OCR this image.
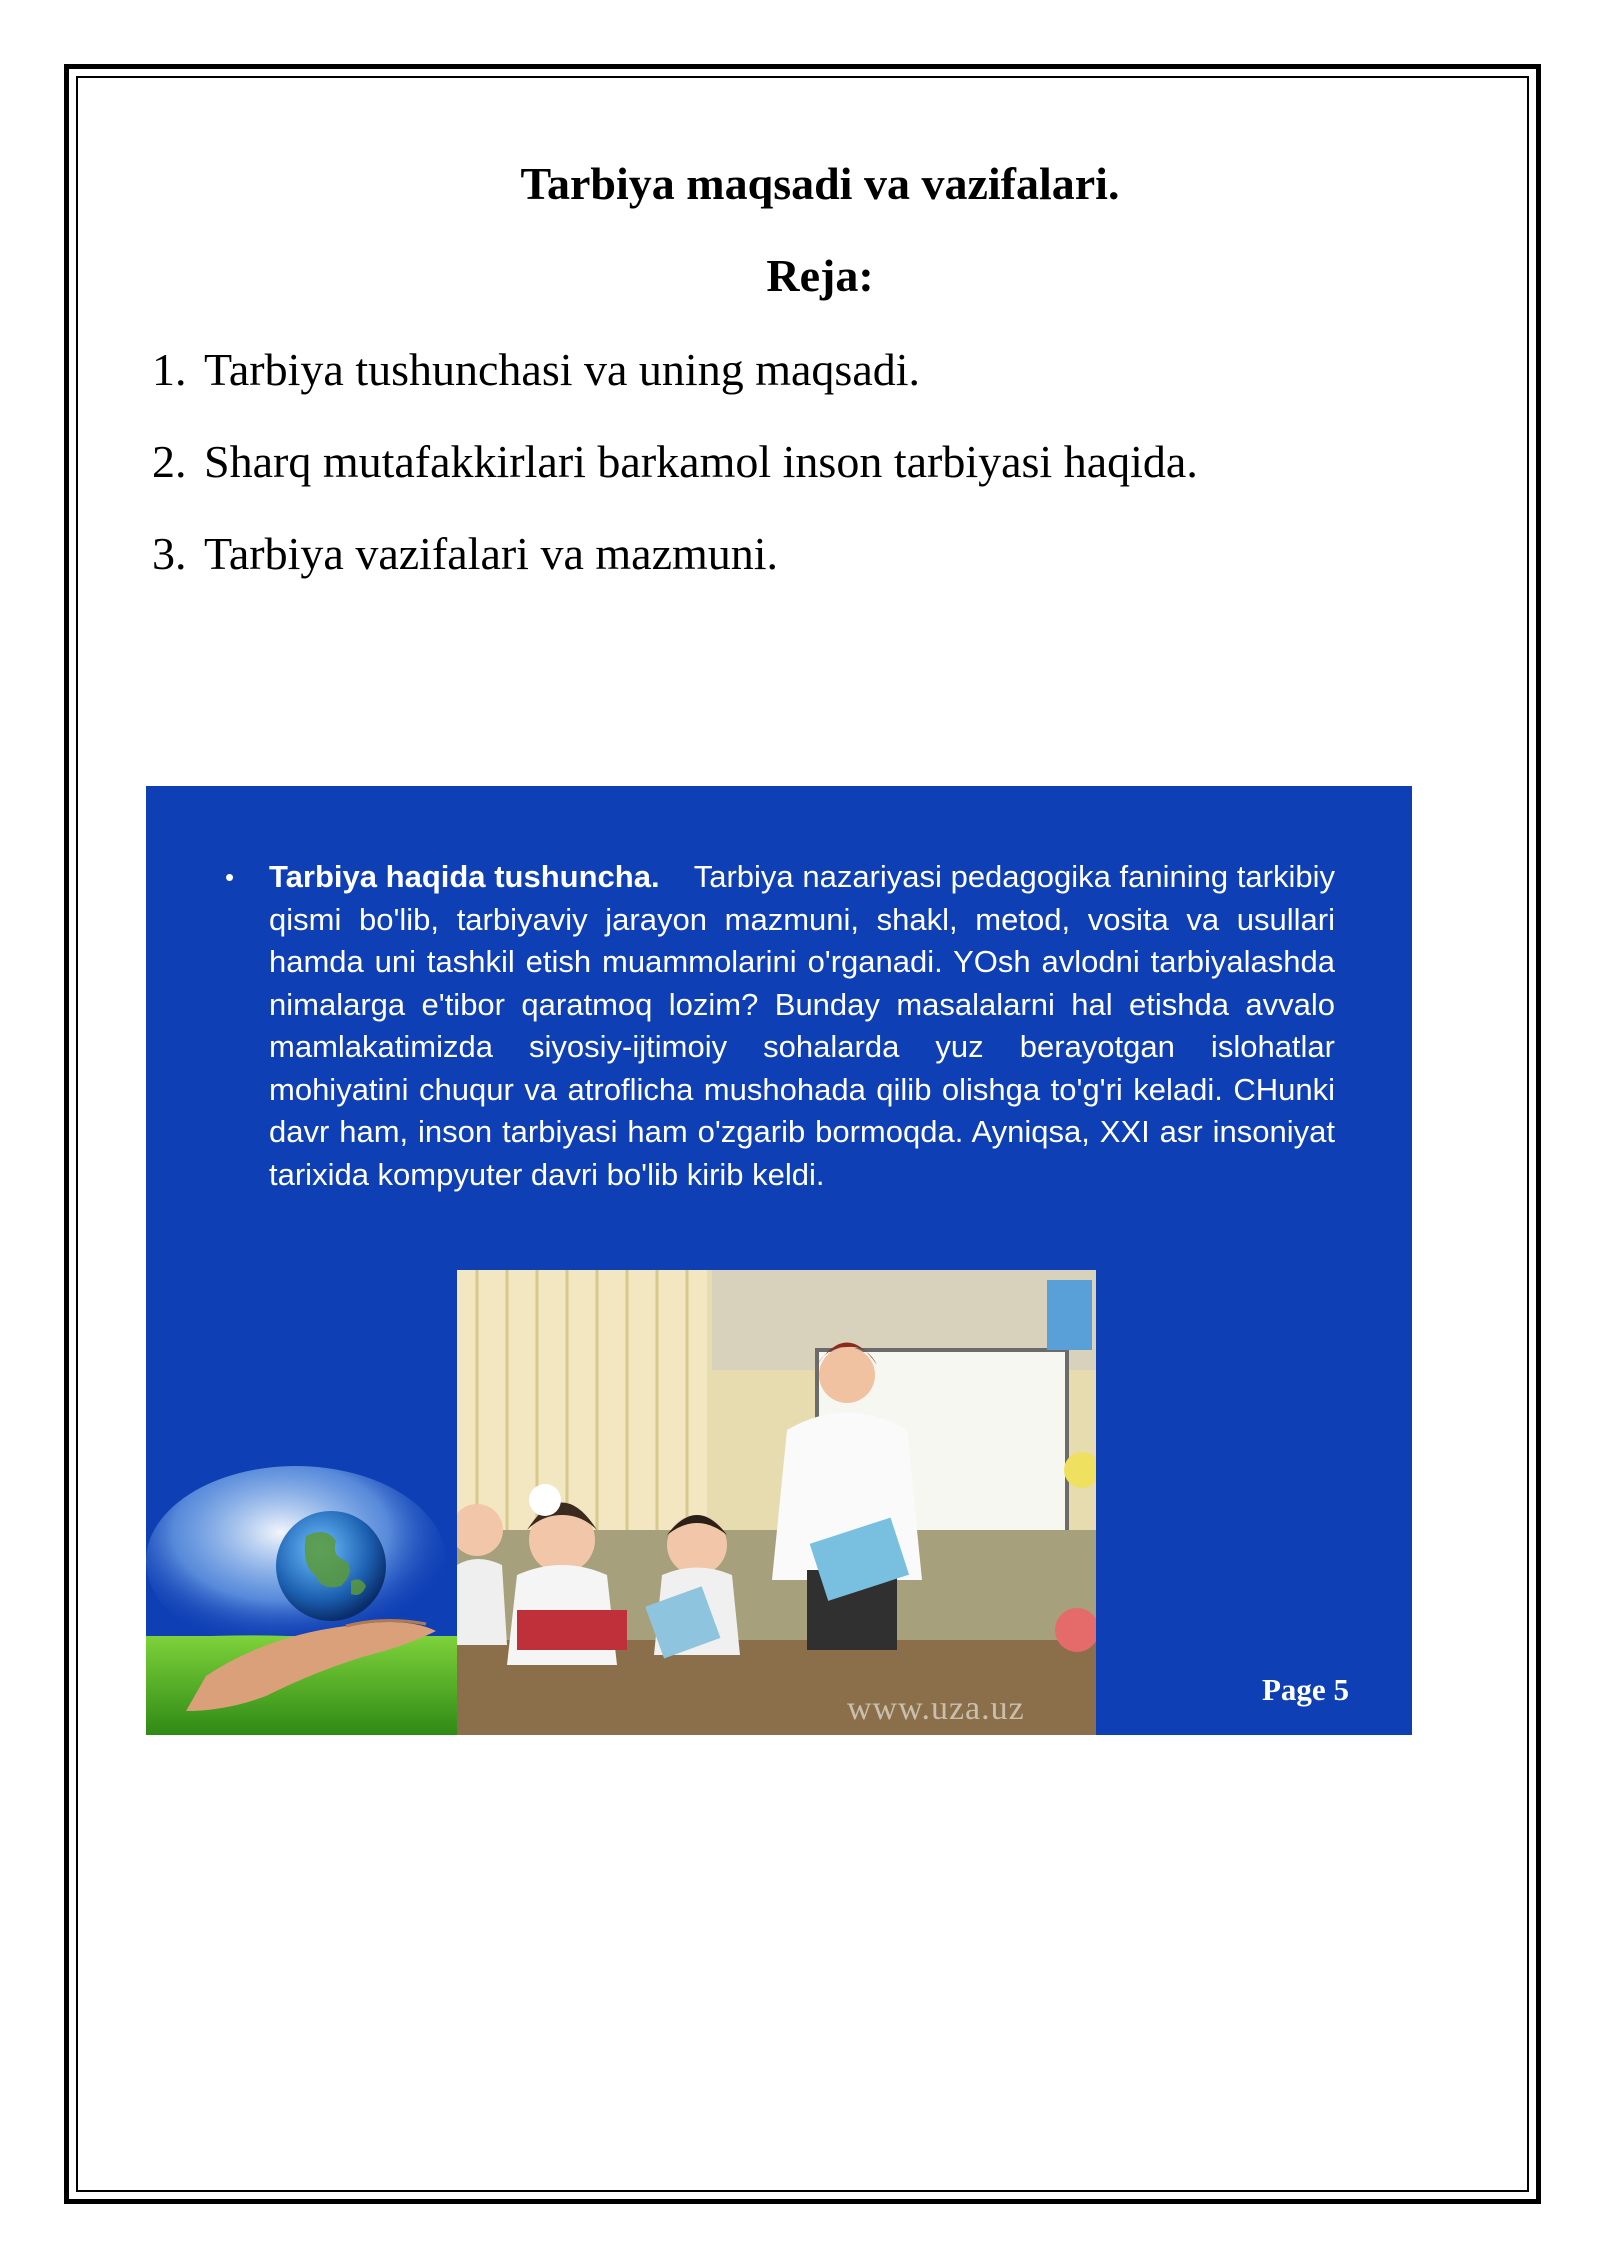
Tarbiya maqsadi va vazifalari.
Reja:
1. Tarbiya tushunchasi va uning maqsadi.
2. Sharq mutafakkirlari barkamol inson tarbiyasi haqida.
3. Tarbiya vazifalari va mazmuni.
• Tarbiya haqida tushuncha. Tarbiya nazariyasi pedagogika fanining tarkibiy qismi bo'lib, tarbiyaviy jarayon mazmuni, shakl, metod, vosita va usullari hamda uni tashkil etish muammolarini o'rganadi. YOsh avlodni tarbiyalashda nimalarga e'tibor qaratmoq lozim? Bunday masalalarni hal etishda avvalo mamlakatimizda siyosiy-ijtimoiy sohalarda yuz berayotgan islohatlar mohiyatini chuqur va atroflicha mushohada qilib olishga to'g'ri keladi. CHunki davr ham, inson tarbiyasi ham o'zgarib bormoqda. Ayniqsa, XXI asr insoniyat tarixida kompyuter davri bo'lib kirib keldi.
www.uza.uz
Page 5
